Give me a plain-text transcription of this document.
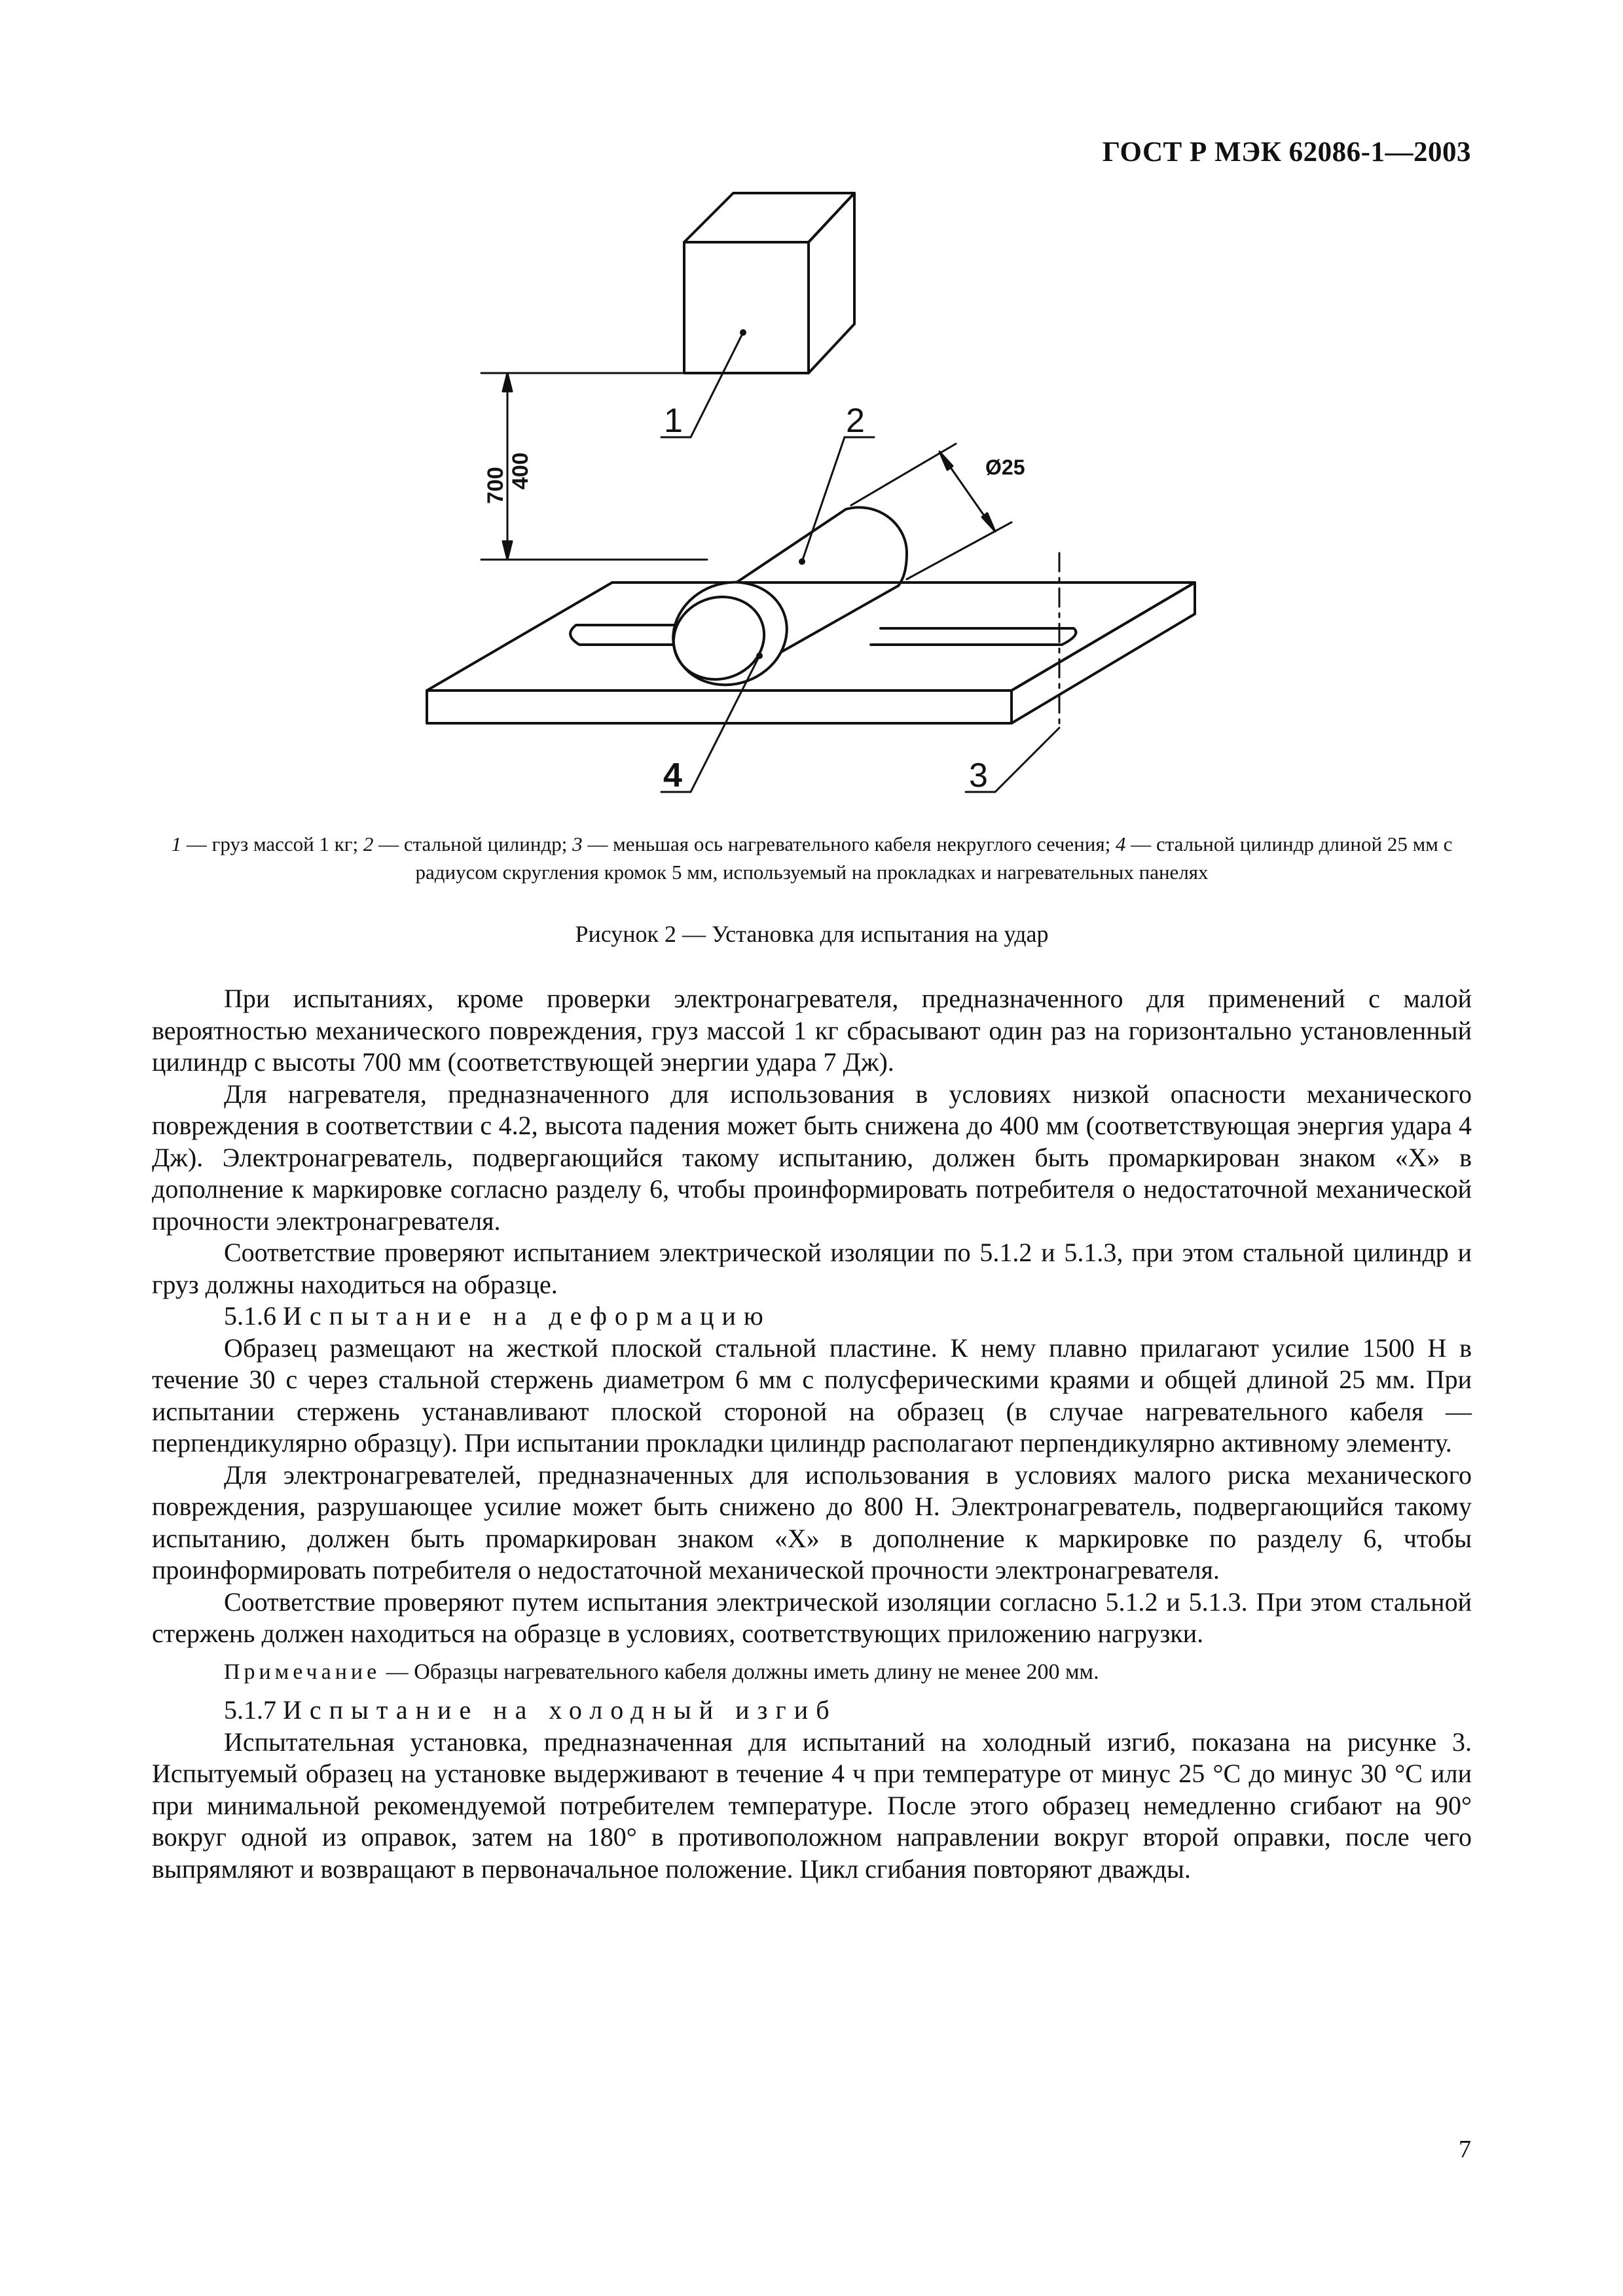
ГОСТ Р МЭК 62086-1—2003
1	2
3
4
Ø25
700 400
1 — груз массой 1 кг; 2 — стальной цилиндр; 3 — меньшая ось нагревательного кабеля некруглого сечения; 4 — стальной цилиндр длиной 25 мм с радиусом скругления кромок 5 мм, используемый на прокладках и нагревательных панелях
Рисунок 2 — Установка для испытания на удар

При испытаниях, кроме проверки электронагревателя, предназначенного для применений с малой вероятностью механического повреждения, груз массой 1 кг сбрасывают один раз на горизонтально установленный цилиндр с высоты 700 мм (соответствующей энергии удара 7 Дж).

Для нагревателя, предназначенного для использования в условиях низкой опасности механического повреждения в соответствии с 4.2, высота падения может быть снижена до 400 мм (соответствующая энергия удара 4 Дж). Электронагреватель, подвергающийся такому испытанию, должен быть промаркирован знаком «Х» в дополнение к маркировке согласно разделу 6, чтобы проинформировать потребителя о недостаточной механической прочности электронагревателя.

Соответствие проверяют испытанием электрической изоляции по 5.1.2 и 5.1.3, при этом стальной цилиндр и груз должны находиться на образце.

5.1.6 Испытание на деформацию

Образец размещают на жесткой плоской стальной пластине. К нему плавно прилагают усилие 1500 Н в течение 30 с через стальной стержень диаметром 6 мм с полусферическими краями и общей длиной 25 мм. При испытании стержень устанавливают плоской стороной на образец (в случае нагревательного кабеля — перпендикулярно образцу). При испытании прокладки цилиндр располагают перпендикулярно активному элементу.

Для электронагревателей, предназначенных для использования в условиях малого риска механического повреждения, разрушающее усилие может быть снижено до 800 Н. Электронагреватель, подвергающийся такому испытанию, должен быть промаркирован знаком «Х» в дополнение к маркировке по разделу 6, чтобы проинформировать потребителя о недостаточной механической прочности электронагревателя.

Соответствие проверяют путем испытания электрической изоляции согласно 5.1.2 и 5.1.3. При этом стальной стержень должен находиться на образце в условиях, соответствующих приложению нагрузки.

Примечание — Образцы нагревательного кабеля должны иметь длину не менее 200 мм.

5.1.7 Испытание на холодный изгиб

Испытательная установка, предназначенная для испытаний на холодный изгиб, показана на рисунке 3. Испытуемый образец на установке выдерживают в течение 4 ч при температуре от минус 25 °С до минус 30 °С или при минимальной рекомендуемой потребителем температуре. После этого образец немедленно сгибают на 90° вокруг одной из оправок, затем на 180° в противоположном направлении вокруг второй оправки, после чего выпрямляют и возвращают в первоначальное положение. Цикл сгибания повторяют дважды.

7
